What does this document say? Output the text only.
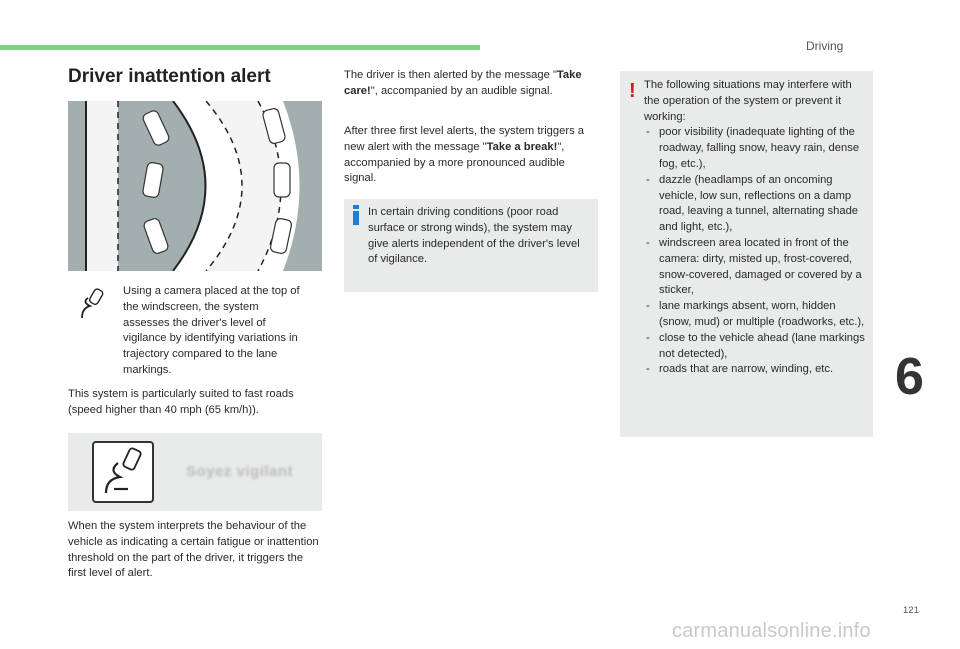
Driving
Driver inattention alert
Using a camera placed at the top of the windscreen, the system assesses the driver's level of vigilance by identifying variations in trajectory compared to the lane markings.
This system is particularly suited to fast roads (speed higher than 40 mph (65 km/h)).
Soyez vigilant
When the system interprets the behaviour of the vehicle as indicating a certain fatigue or inattention threshold on the part of the driver, it triggers the first level of alert.
The driver is then alerted by the message "Take care!", accompanied by an audible signal.
After three first level alerts, the system triggers a new alert with the message "Take a break!", accompanied by a more pronounced audible signal.
In certain driving conditions (poor road surface or strong winds), the system may give alerts independent of the driver's level of vigilance.
! The following situations may interfere with the operation of the system or prevent it working:
- poor visibility (inadequate lighting of the roadway, falling snow, heavy rain, dense fog, etc.),
- dazzle (headlamps of an oncoming vehicle, low sun, reflections on a damp road, leaving a tunnel, alternating shade and light, etc.),
- windscreen area located in front of the camera: dirty, misted up, frost-covered, snow-covered, damaged or covered by a sticker,
- lane markings absent, worn, hidden (snow, mud) or multiple (roadworks, etc.),
- close to the vehicle ahead (lane markings not detected),
- roads that are narrow, winding, etc.	6
121
carmanualsonline.info
